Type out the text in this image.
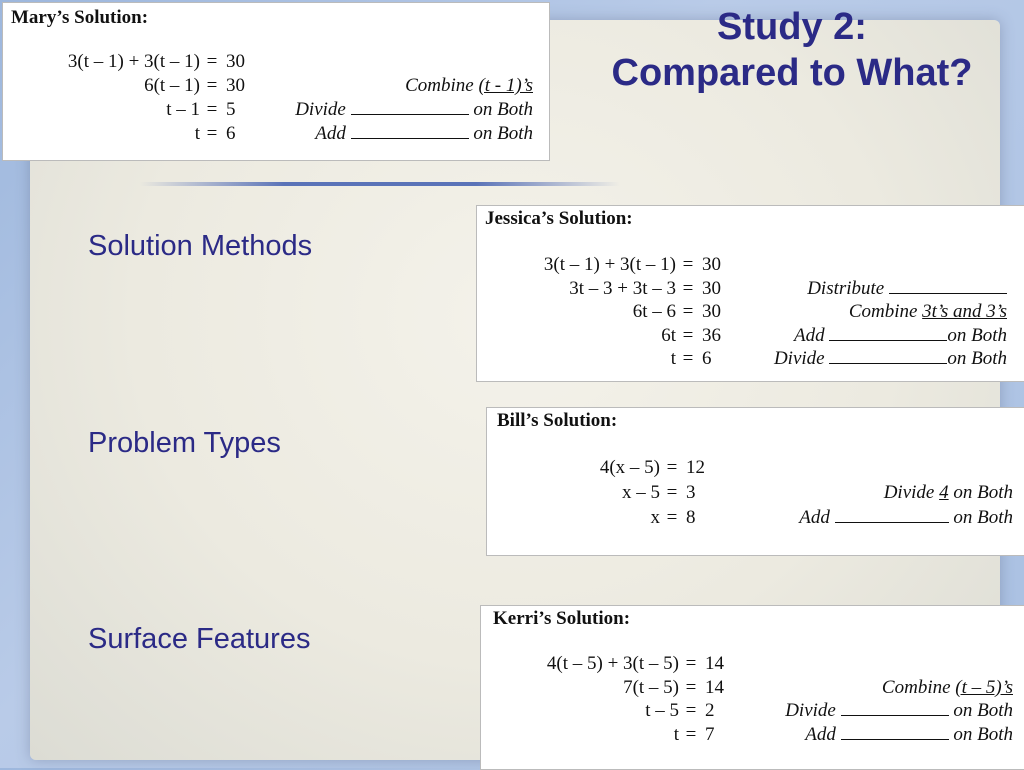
Study 2:
Compared to What?
Solution Methods
Problem Types
Surface Features
Mary’s Solution:
3(t – 1) + 3(t – 1) = 30
6(t – 1) = 30	Combine (t - 1)’s
t – 1 = 5	Divide	on Both
t = 6	Add	on Both
Jessica’s Solution:
3(t – 1) + 3(t – 1) = 30
3t – 3 + 3t – 3 = 30	Distribute
6t – 6 = 30	Combine 3t’s and 3’s
6t = 36	Add	on Both
t = 6	Divide	on Both
Bill’s Solution:
4(x – 5) = 12
x – 5 = 3	Divide 4 on Both
x = 8	Add	on Both
Kerri’s Solution:
4(t – 5) + 3(t – 5) = 14
7(t – 5) = 14	Combine (t – 5)’s
t – 5 = 2	Divide	on Both
t = 7	Add	on Both
